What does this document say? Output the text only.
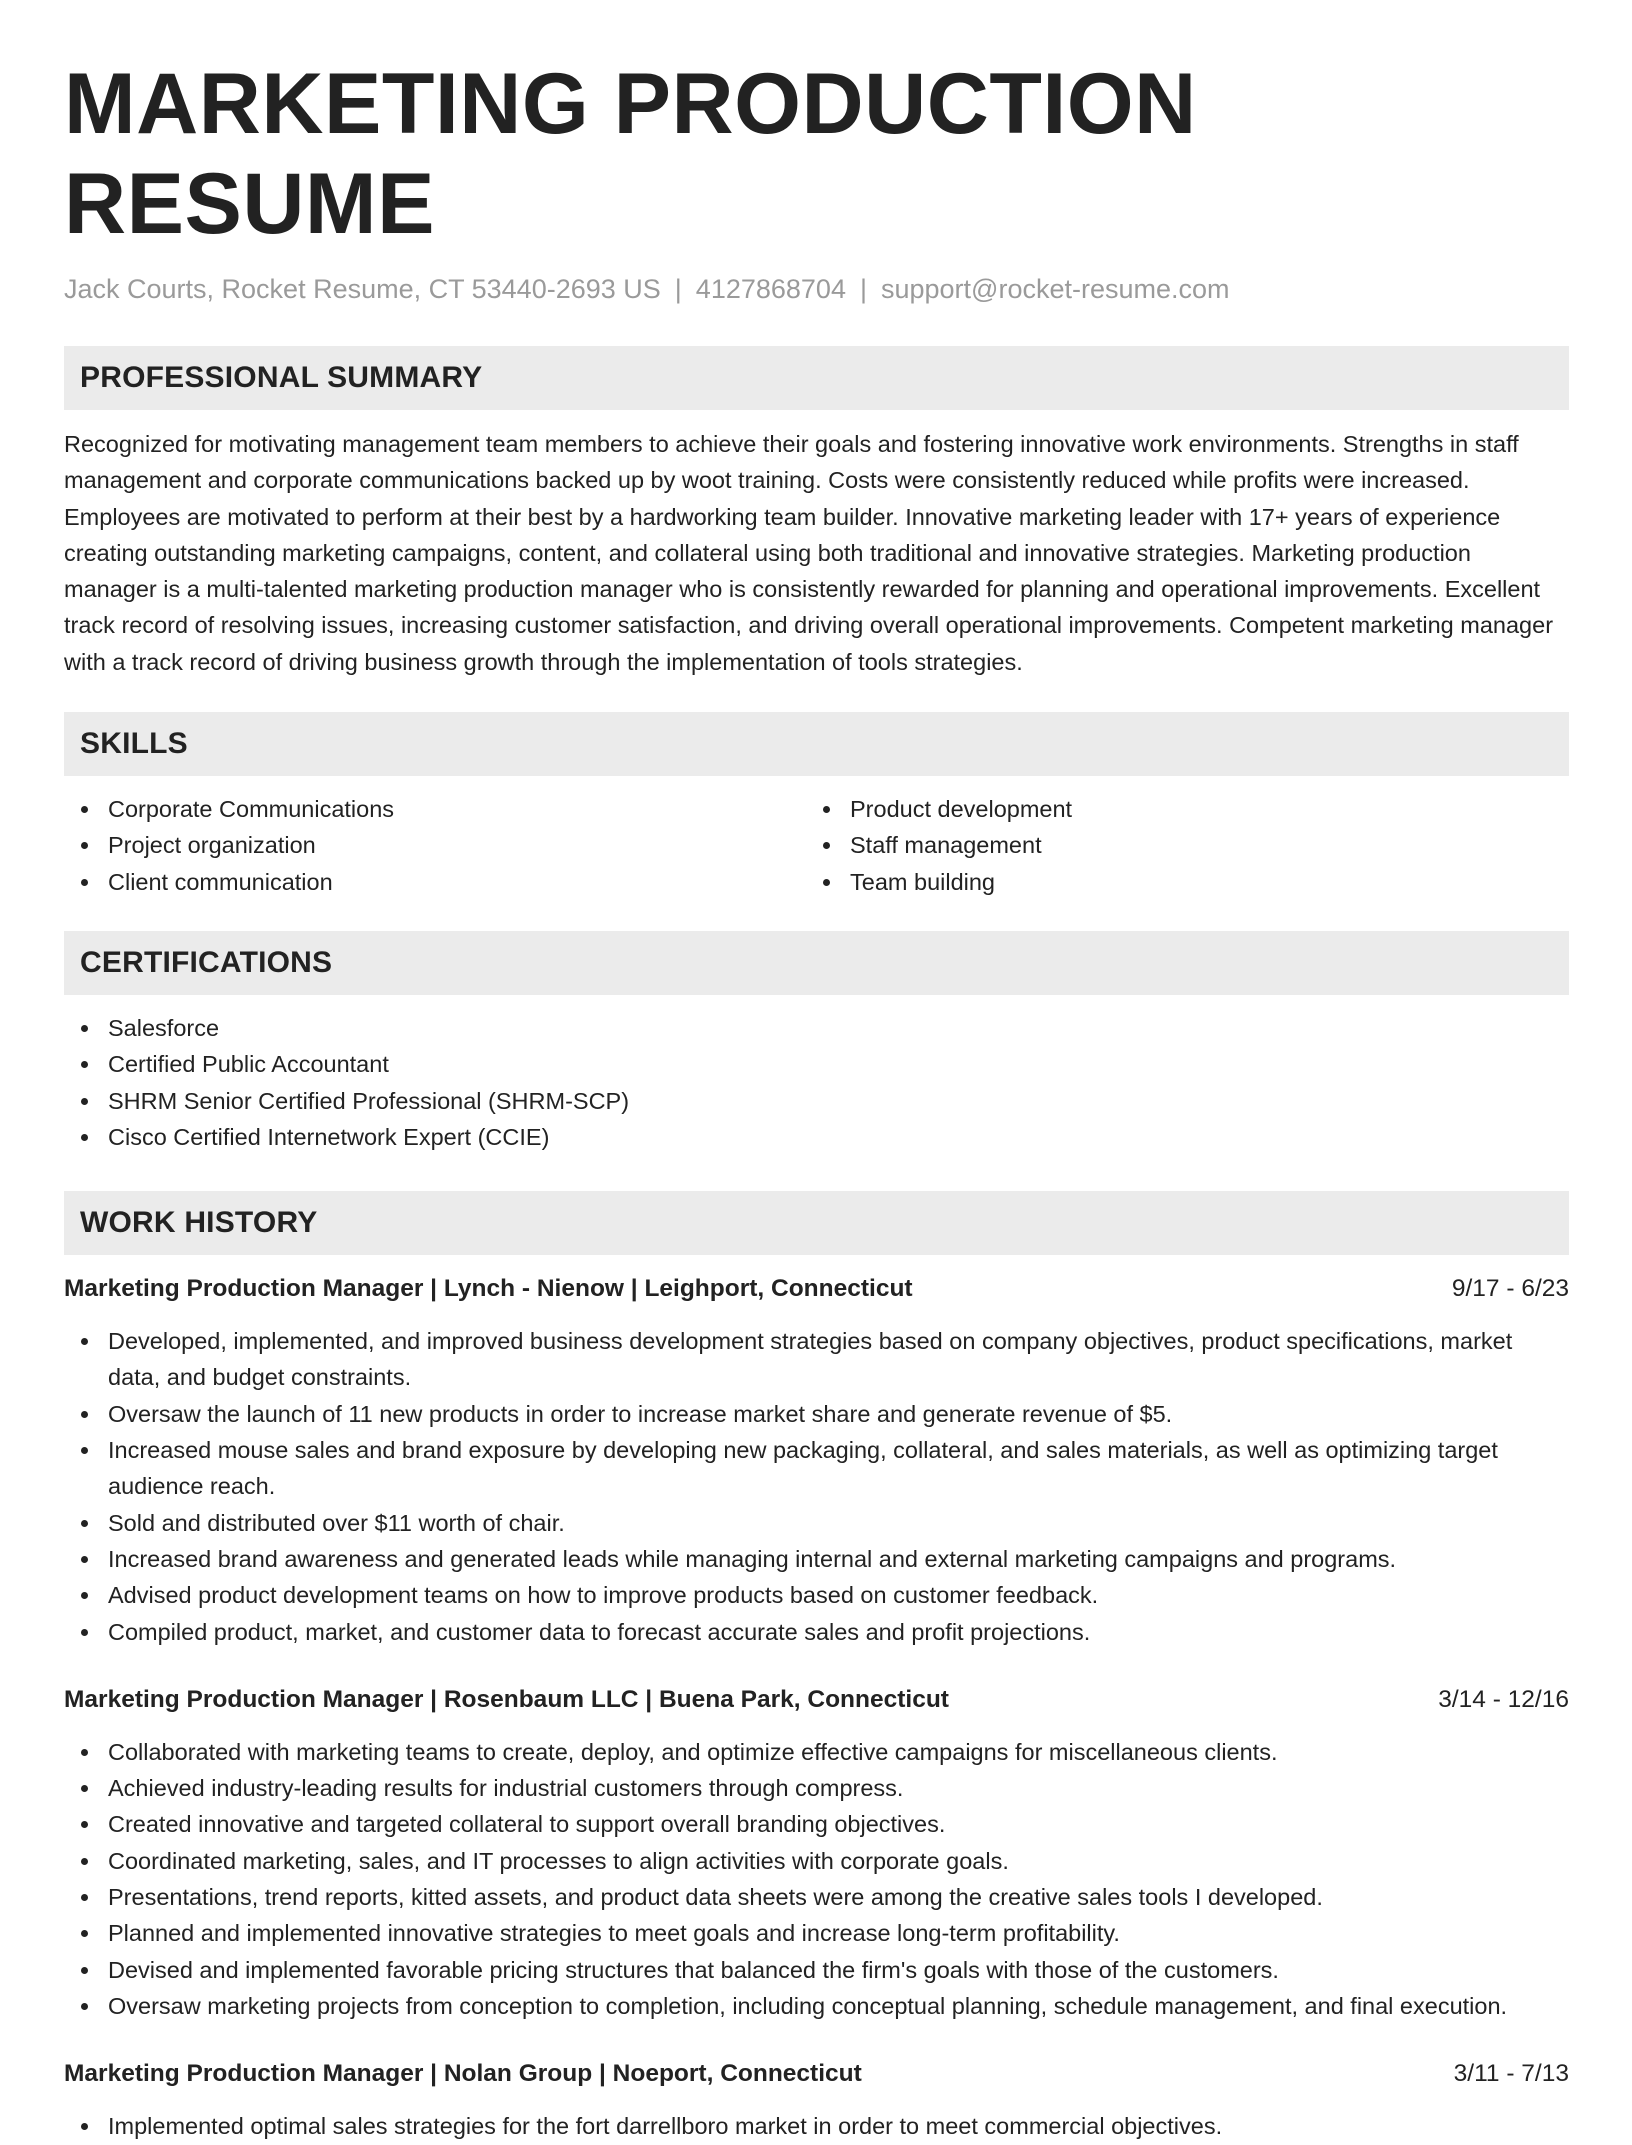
MARKETING PRODUCTION RESUME
Jack Courts, Rocket Resume, CT 53440-2693 US | 4127868704 | support@rocket-resume.com
PROFESSIONAL SUMMARY

Recognized for motivating management team members to achieve their goals and fostering innovative work environments. Strengths in staff management and corporate communications backed up by woot training. Costs were consistently reduced while profits were increased. Employees are motivated to perform at their best by a hardworking team builder. Innovative marketing leader with 17+ years of experience creating outstanding marketing campaigns, content, and collateral using both traditional and innovative strategies. Marketing production manager is a multi-talented marketing production manager who is consistently rewarded for planning and operational improvements. Excellent track record of resolving issues, increasing customer satisfaction, and driving overall operational improvements. Competent marketing manager with a track record of driving business growth through the implementation of tools strategies.

SKILLS
Corporate Communications
Project organization
Client communication
Product development
Staff management
Team building
CERTIFICATIONS
Salesforce
Certified Public Accountant
SHRM Senior Certified Professional (SHRM-SCP)
Cisco Certified Internetwork Expert (CCIE)
WORK HISTORY
Marketing Production Manager | Lynch - Nienow | Leighport, Connecticut	9/17 - 6/23
Developed, implemented, and improved business development strategies based on company objectives, product specifications, market data, and budget constraints.
Oversaw the launch of 11 new products in order to increase market share and generate revenue of $5.
Increased mouse sales and brand exposure by developing new packaging, collateral, and sales materials, as well as optimizing target audience reach.
Sold and distributed over $11 worth of chair.
Increased brand awareness and generated leads while managing internal and external marketing campaigns and programs.
Advised product development teams on how to improve products based on customer feedback.
Compiled product, market, and customer data to forecast accurate sales and profit projections.
Marketing Production Manager | Rosenbaum LLC | Buena Park, Connecticut	3/14 - 12/16
Collaborated with marketing teams to create, deploy, and optimize effective campaigns for miscellaneous clients.
Achieved industry-leading results for industrial customers through compress.
Created innovative and targeted collateral to support overall branding objectives.
Coordinated marketing, sales, and IT processes to align activities with corporate goals.
Presentations, trend reports, kitted assets, and product data sheets were among the creative sales tools I developed.
Planned and implemented innovative strategies to meet goals and increase long-term profitability.
Devised and implemented favorable pricing structures that balanced the firm's goals with those of the customers.
Oversaw marketing projects from conception to completion, including conceptual planning, schedule management, and final execution.
Marketing Production Manager | Nolan Group | Noeport, Connecticut	3/11 - 7/13
Implemented optimal sales strategies for the fort darrellboro market in order to meet commercial objectives.
